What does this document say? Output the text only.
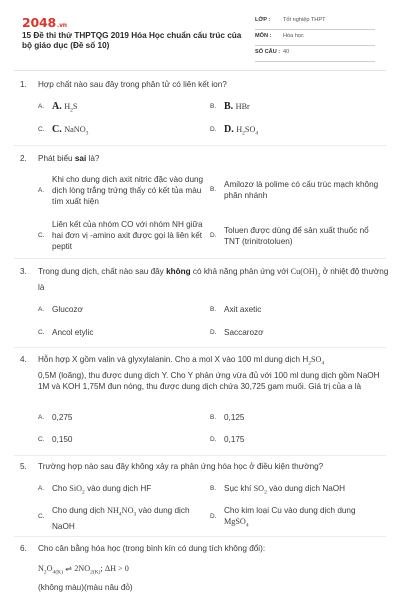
2048.vn
15 Đề thi thử THPTQG 2019 Hóa Học chuẩn cấu trúc của bộ giáo dục (Đề số 10)
LỚP : Tốt nghiệp THPT
MÔN : Hóa học
SỐ CÂU : 40
1.	Hợp chất nào sau đây trong phân tử có liên kết ion?
A. A. $H_2S$	B. B. HBr
C. C. NaNO$_3$
D. D. $H_2SO_4$
2.	Phát biểu sai là?
A.
Khi cho dung dịch axit nitric đặc vào dung dịch lòng trắng trứng thấy có kết tủa màu tím xuất hiện
B.
Amilozơ là polime có cấu trúc mạch không phân nhánh
C.
Liên kết của nhóm CO với nhóm NH giữa hai đơn vị -amino axit được gọi là liên kết peptit
D.
Toluen được dùng để sản xuất thuốc nổ TNT (trinitrotoluen)
3.	Trong dung dịch, chất nào sau đây không có khả năng phản ứng với $Cu(OH)_2$ ở nhiệt độ thường là
A. Glucozơ	B. Axit axetic
C. Ancol etylic	D. Saccarozơ
4.	Hỗn hợp X gồm valin và glyxylalanin. Cho a mol X vào 100 ml dung dịch $H_2SO_4$
0,5M (loãng), thu được dung dịch Y. Cho Y phản ứng vừa đủ với 100 ml dung dịch gồm NaOH 1M và KOH 1,75M đun nóng, thu được dung dịch chứa 30,725 gam muối. Giá trị của a là
A. 0,275	B. 0,125
C. 0,150	D. 0,175
5.	Trường hợp nào sau đây không xảy ra phản ứng hóa học ở điều kiện thường?
A. Cho SiO$_2$ vào dung dịch HF	B. Sục khí $SO_2$ vào dung dịch NaOH
C.
Cho dung dịch $NH_4NO_3$ vào dung dịch NaOH
D.
Cho kim loại Cu vào dung dịch dung MgSO$_4$
6.	Cho cân bằng hóa học (trong bình kín có dung tích không đổi):
$N_2O_{4(K)}$ ⇌ $2NO_{2(K)}$; ΔH > 0
(không màu)(màu nâu đỏ)
